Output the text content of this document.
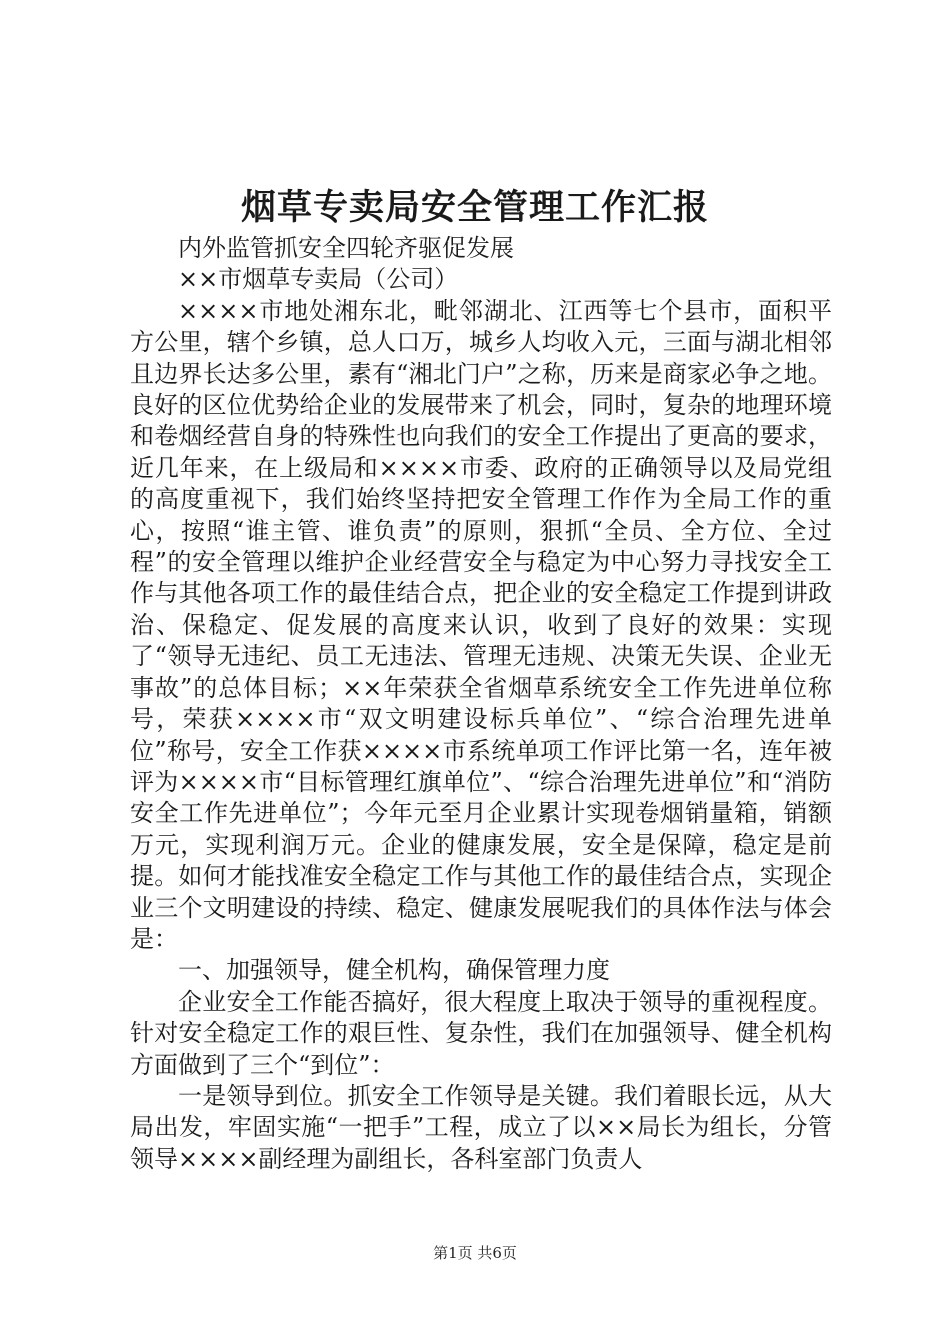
烟草专卖局安全管理工作汇报

内外监管抓安全四轮齐驱促发展

××市烟草专卖局（公司）

××××市地处湘东北，毗邻湖北、江西等七个县市，面积平方公里，辖个乡镇，总人口万，城乡人均收入元，三面与湖北相邻且边界长达多公里，素有“湘北门户”之称，历来是商家必争之地。良好的区位优势给企业的发展带来了机会，同时，复杂的地理环境和卷烟经营自身的特殊性也向我们的安全工作提出了更高的要求，近几年来，在上级局和××××市委、政府的正确领导以及局党组的高度重视下，我们始终坚持把安全管理工作作为全局工作的重心，按照“谁主管、谁负责”的原则，狠抓“全员、全方位、全过程”的安全管理以维护企业经营安全与稳定为中心努力寻找安全工作与其他各项工作的最佳结合点，把企业的安全稳定工作提到讲政治、保稳定、促发展的高度来认识，收到了良好的效果：实现了“领导无违纪、员工无违法、管理无违规、决策无失误、企业无事故”的总体目标；××年荣获全省烟草系统安全工作先进单位称号，荣获××××市“双文明建设标兵单位”、“综合治理先进单位”称号，安全工作获××××市系统单项工作评比第一名，连年被评为××××市“目标管理红旗单位”、“综合治理先进单位”和“消防安全工作先进单位”；今年元至月企业累计实现卷烟销量箱，销额万元，实现利润万元。企业的健康发展，安全是保障，稳定是前提。如何才能找准安全稳定工作与其他工作的最佳结合点，实现企业三个文明建设的持续、稳定、健康发展呢我们的具体作法与体会是：

一、加强领导，健全机构，确保管理力度

企业安全工作能否搞好，很大程度上取决于领导的重视程度。针对安全稳定工作的艰巨性、复杂性，我们在加强领导、健全机构方面做到了三个“到位”：

一是领导到位。抓安全工作领导是关键。我们着眼长远，从大局出发，牢固实施“一把手”工程，成立了以××局长为组长，分管领导××××副经理为副组长，各科室部门负责人

第1页 共6页
